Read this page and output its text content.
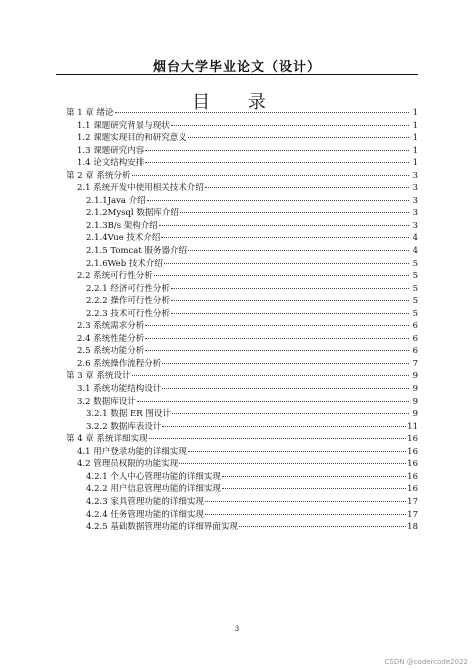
烟台大学毕业论文（设计）
目 录
第 1 章 绪论	1
1.1 课题研究背景与现状	1
1.2 课题实现目的和研究意义	1
1.3 课题研究内容	1
1.4 论文结构安排	1
第 2 章 系统分析	3
2.1 系统开发中使用相关技术介绍	3
2.1.1Java 介绍	3
2.1.2Mysql 数据库介绍	3
2.1.3B/s 架构介绍	3
2.1.4Vue 技术介绍	4
2.1.5 Tomcat 服务器介绍	4
2.1.6Web 技术介绍	5
2.2 系统可行性分析	5
2.2.1 经济可行性分析	5
2.2.2 操作可行性分析	5
2.2.3 技术可行性分析	5
2.3 系统需求分析	6
2.4 系统性能分析	6
2.5 系统功能分析	6
2.6 系统操作流程分析	7
第 3 章 系统设计	9
3.1 系统功能结构设计	9
3.2 数据库设计	9
3.2.1 数据 ER 图设计	9
3.2.2 数据库表设计	11
第 4 章 系统详细实现	16
4.1 用户登录功能的详细实现	16
4.2 管理员权限的功能实现	16
4.2.1 个人中心管理功能的详细实现	16
4.2.2 用户信息管理功能的详细实现	16
4.2.3 家具管理功能的详细实现	17
4.2.4 任务管理功能的详细实现	17
4.2.5 基础数据管理功能的详细界面实现	18
3
CSDN @codercode2022
